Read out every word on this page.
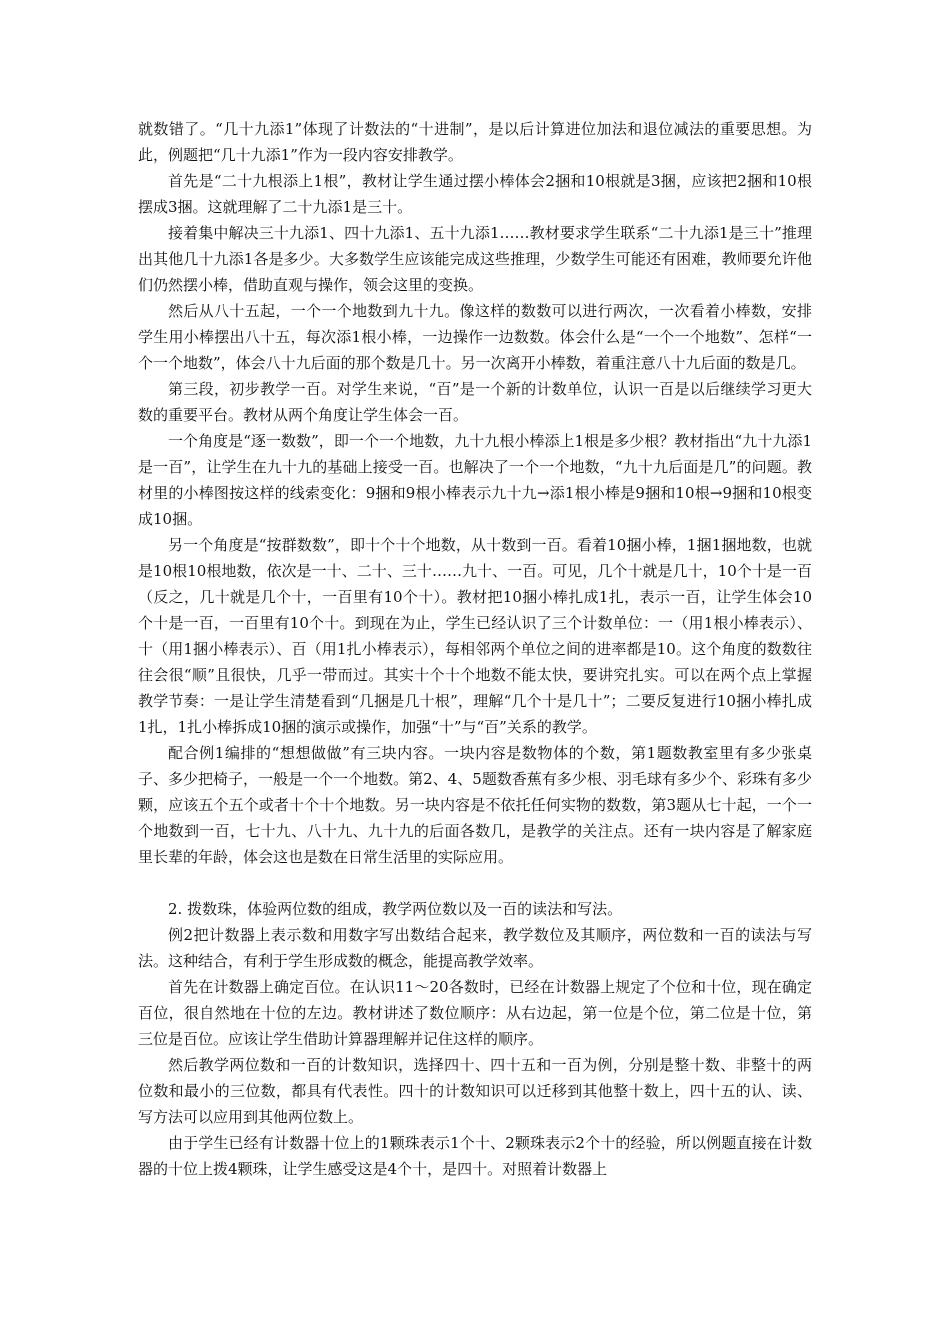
就数错了。“几十九添1”体现了计数法的“十进制”，是以后计算进位加法和退位减法的重要思想。为此，例题把“几十九添1”作为一段内容安排教学。

首先是“二十九根添上1根”，教材让学生通过摆小棒体会2捆和10根就是3捆，应该把2捆和10根摆成3捆。这就理解了二十九添1是三十。

接着集中解决三十九添1、四十九添1、五十九添1……教材要求学生联系“二十九添1是三十”推理出其他几十九添1各是多少。大多数学生应该能完成这些推理，少数学生可能还有困难，教师要允许他们仍然摆小棒，借助直观与操作，领会这里的变换。

然后从八十五起，一个一个地数到九十九。像这样的数数可以进行两次，一次看着小棒数，安排学生用小棒摆出八十五，每次添1根小棒，一边操作一边数数。体会什么是“一个一个地数”、怎样“一个一个地数”，体会八十九后面的那个数是几十。另一次离开小棒数，着重注意八十九后面的数是几。

第三段，初步教学一百。对学生来说，“百”是一个新的计数单位，认识一百是以后继续学习更大数的重要平台。教材从两个角度让学生体会一百。

一个角度是“逐一数数”，即一个一个地数，九十九根小棒添上1根是多少根？教材指出“九十九添1是一百”，让学生在九十九的基础上接受一百。也解决了一个一个地数，“九十九后面是几”的问题。教材里的小棒图按这样的线索变化：9捆和9根小棒表示九十九→添1根小棒是9捆和10根→9捆和10根变成10捆。

另一个角度是“按群数数”，即十个十个地数，从十数到一百。看着10捆小棒，1捆1捆地数，也就是10根10根地数，依次是一十、二十、三十……九十、一百。可见，几个十就是几十，10个十是一百（反之，几十就是几个十，一百里有10个十）。教材把10捆小棒扎成1扎，表示一百，让学生体会10个十是一百，一百里有10个十。到现在为止，学生已经认识了三个计数单位：一（用1根小棒表示）、十（用1捆小棒表示）、百（用1扎小棒表示），每相邻两个单位之间的进率都是10。这个角度的数数往往会很“顺”且很快，几乎一带而过。其实十个十个地数不能太快，要讲究扎实。可以在两个点上掌握教学节奏：一是让学生清楚看到“几捆是几十根”，理解“几个十是几十”；二要反复进行10捆小棒扎成1扎，1扎小棒拆成10捆的演示或操作，加强“十”与“百”关系的教学。

配合例1编排的“想想做做”有三块内容。一块内容是数物体的个数，第1题数教室里有多少张桌子、多少把椅子，一般是一个一个地数。第2、4、5题数香蕉有多少根、羽毛球有多少个、彩珠有多少颗，应该五个五个或者十个十个地数。另一块内容是不依托任何实物的数数，第3题从七十起，一个一个地数到一百，七十九、八十九、九十九的后面各数几，是教学的关注点。还有一块内容是了解家庭里长辈的年龄，体会这也是数在日常生活里的实际应用。

2. 拨数珠，体验两位数的组成，教学两位数以及一百的读法和写法。

例2把计数器上表示数和用数字写出数结合起来，教学数位及其顺序，两位数和一百的读法与写法。这种结合，有利于学生形成数的概念，能提高教学效率。

首先在计数器上确定百位。在认识11～20各数时，已经在计数器上规定了个位和十位，现在确定百位，很自然地在十位的左边。教材讲述了数位顺序：从右边起，第一位是个位，第二位是十位，第三位是百位。应该让学生借助计算器理解并记住这样的顺序。

然后教学两位数和一百的计数知识，选择四十、四十五和一百为例，分别是整十数、非整十的两位数和最小的三位数，都具有代表性。四十的计数知识可以迁移到其他整十数上，四十五的认、读、写方法可以应用到其他两位数上。

由于学生已经有计数器十位上的1颗珠表示1个十、2颗珠表示2个十的经验，所以例题直接在计数器的十位上拨4颗珠，让学生感受这是4个十，是四十。对照着计数器上
